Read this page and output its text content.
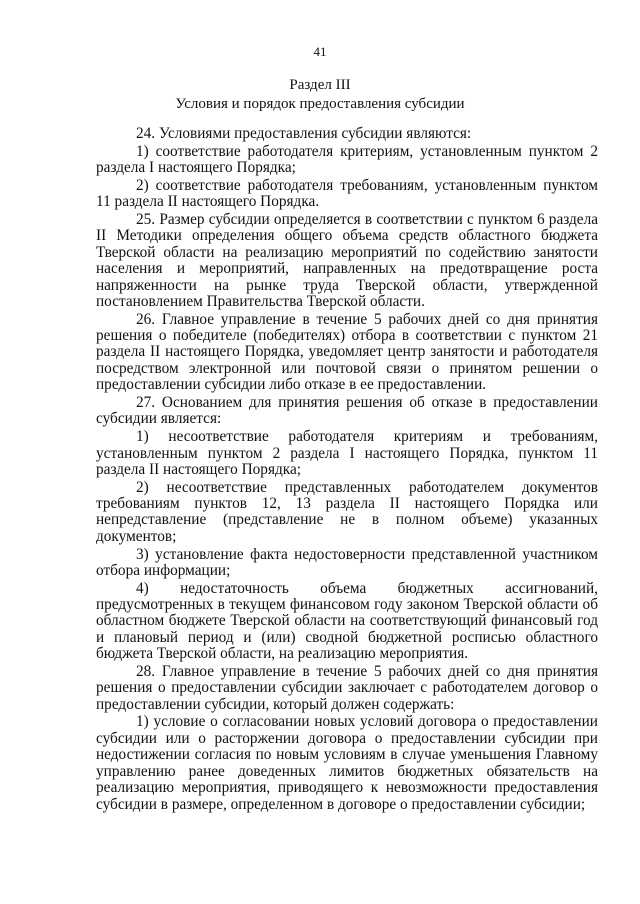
41
Раздел III
Условия и порядок предоставления субсидии

24. Условиями предоставления субсидии являются:

1) соответствие работодателя критериям, установленным пунктом 2 раздела I настоящего Порядка;

2) соответствие работодателя требованиям, установленным пунктом 11 раздела II настоящего Порядка.

25. Размер субсидии определяется в соответствии с пунктом 6 раздела II Методики определения общего объема средств областного бюджета Тверской области на реализацию мероприятий по содействию занятости населения и мероприятий, направленных на предотвращение роста напряженности на рынке труда Тверской области, утвержденной постановлением Правительства Тверской области.

26. Главное управление в течение 5 рабочих дней со дня принятия решения о победителе (победителях) отбора в соответствии с пунктом 21 раздела II настоящего Порядка, уведомляет центр занятости и работодателя посредством электронной или почтовой связи о принятом решении о предоставлении субсидии либо отказе в ее предоставлении.

27. Основанием для принятия решения об отказе в предоставлении субсидии является:

1) несоответствие работодателя критериям и требованиям, установленным пунктом 2 раздела I настоящего Порядка, пунктом 11 раздела II настоящего Порядка;

2) несоответствие представленных работодателем документов требованиям пунктов 12, 13 раздела II настоящего Порядка или непредставление (представление не в полном объеме) указанных документов;

3) установление факта недостоверности представленной участником отбора информации;

4) недостаточность объема бюджетных ассигнований, предусмотренных в текущем финансовом году законом Тверской области об областном бюджете Тверской области на соответствующий финансовый год и плановый период и (или) сводной бюджетной росписью областного бюджета Тверской области, на реализацию мероприятия.

28. Главное управление в течение 5 рабочих дней со дня принятия решения о предоставлении субсидии заключает с работодателем договор о предоставлении субсидии, который должен содержать:

1) условие о согласовании новых условий договора о предоставлении субсидии или о расторжении договора о предоставлении субсидии при недостижении согласия по новым условиям в случае уменьшения Главному управлению ранее доведенных лимитов бюджетных обязательств на реализацию мероприятия, приводящего к невозможности предоставления субсидии в размере, определенном в договоре о предоставлении субсидии;
